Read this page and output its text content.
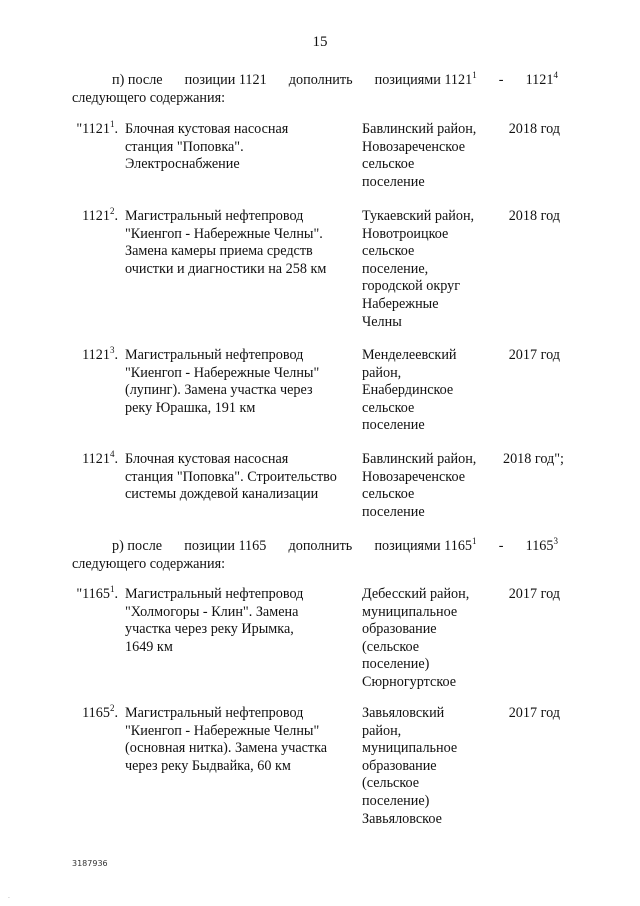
15
п) после позиции 1121 дополнить позициями 1121$^1$ - 1121$^4$
следующего содержания:
"1121$^1$. Блочная кустовая насосная
станция "Поповка".
Электроснабжение
Бавлинский район,
Новозареченское
сельское
поселение
2018 год
1121$^2$. Магистральный нефтепровод
"Киенгоп - Набережные Челны".
Замена камеры приема средств
очистки и диагностики на 258 км
Тукаевский район,
Новотроицкое
сельское
поселение,
городской округ
Набережные
Челны
2018 год
1121$^3$. Магистральный нефтепровод
"Киенгоп - Набережные Челны"
(лупинг). Замена участка через
реку Юрашка, 191 км
Менделеевский
район,
Енабердинское
сельское
поселение
2017 год
1121$^4$. Блочная кустовая насосная
станция "Поповка". Строительство
системы дождевой канализации
Бавлинский район,
Новозареченское
сельское
поселение
2018 год";
р) после позиции 1165 дополнить позициями 1165$^1$ - 1165$^3$
следующего содержания:
"1165$^1$. Магистральный нефтепровод
"Холмогоры - Клин". Замена
участка через реку Ирымка,
1649 км
Дебесский район,
муниципальное
образование
(сельское
поселение)
Сюрногуртское
2017 год
1165$^2$. Магистральный нефтепровод
"Киенгоп - Набережные Челны"
(основная нитка). Замена участка
через реку Быдвайка, 60 км
Завьяловский
район,
муниципальное
образование
(сельское
поселение)
Завьяловское
2017 год
3187936
.
